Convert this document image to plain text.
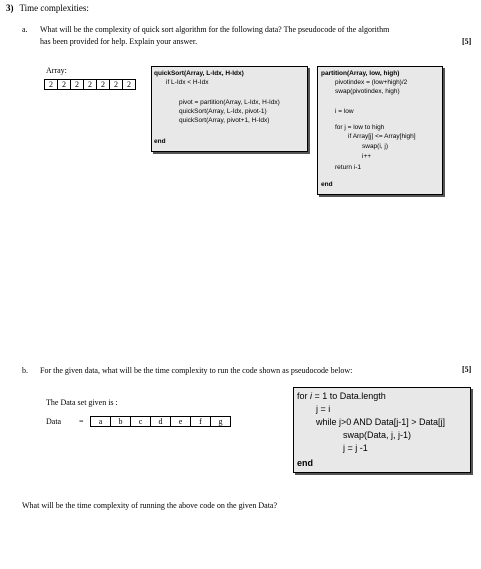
3) Time complexities:
a. What will be the complexity of quick sort algorithm for the following data? The pseudocode of the algorithm
has been provided for help. Explain your answer.	[5]
Array:
2	2	2	2	2	2	2
quickSort(Array, L-Idx, H-Idx)
if L-Idx < H-Idx
pivot = partition(Array, L-Idx, H-Idx)
quickSort(Array, L-Idx, pivot-1)
quickSort(Array, pivot+1, H-Idx)
end
partition(Array, low, high)
pivotindex = (low+high)/2
swap(pivotindex, high)
i = low
for j = low to high
if Array[j] <= Array[high]
swap(i, j)
i++
return i-1
end
b. For the given data, what will be the time complexity to run the code shown as pseudocode below:	[5]
The Data set given is :
Data =	a	b	c	d	e	f	g
for i = 1 to Data.length
j = i
while j>0 AND Data[j-1] > Data[j]
swap(Data, j, j-1)
j = j -1
end
What will be the time complexity of running the above code on the given Data?
